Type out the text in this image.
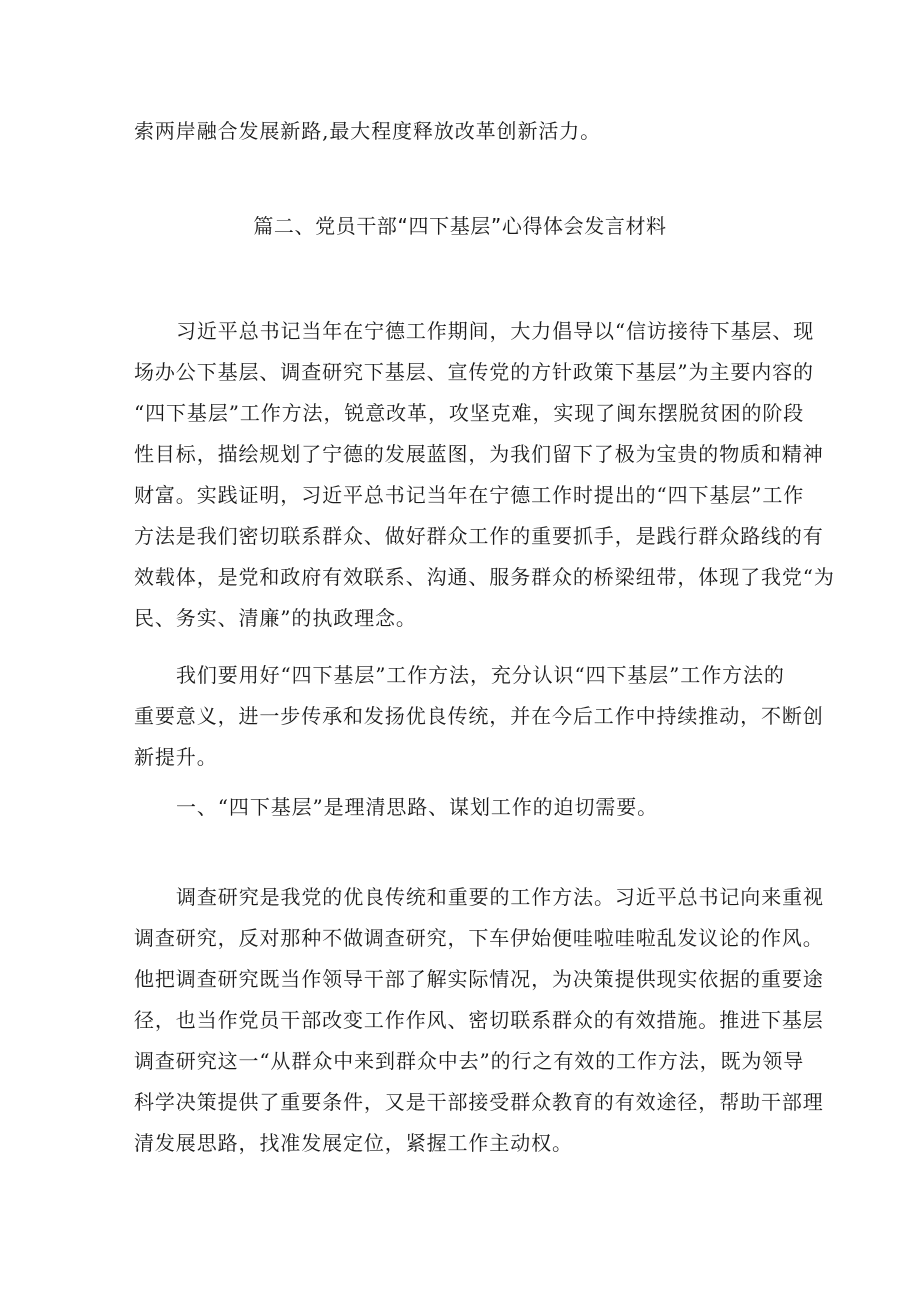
索两岸融合发展新路,最大程度释放改革创新活力。
篇二、党员干部“四下基层”心得体会发言材料
习近平总书记当年在宁德工作期间，大力倡导以“信访接待下基层、现
场办公下基层、调查研究下基层、宣传党的方针政策下基层”为主要内容的
“四下基层”工作方法，锐意改革，攻坚克难，实现了闽东摆脱贫困的阶段
性目标，描绘规划了宁德的发展蓝图，为我们留下了极为宝贵的物质和精神
财富。实践证明，习近平总书记当年在宁德工作时提出的“四下基层”工作
方法是我们密切联系群众、做好群众工作的重要抓手，是践行群众路线的有
效载体，是党和政府有效联系、沟通、服务群众的桥梁纽带，体现了我党“为
民、务实、清廉”的执政理念。
我们要用好“四下基层”工作方法，充分认识“四下基层”工作方法的
重要意义，进一步传承和发扬优良传统，并在今后工作中持续推动，不断创
新提升。
一、“四下基层”是理清思路、谋划工作的迫切需要。
调查研究是我党的优良传统和重要的工作方法。习近平总书记向来重视
调查研究，反对那种不做调查研究，下车伊始便哇啦哇啦乱发议论的作风。
他把调查研究既当作领导干部了解实际情况，为决策提供现实依据的重要途
径，也当作党员干部改变工作作风、密切联系群众的有效措施。推进下基层
调查研究这一“从群众中来到群众中去”的行之有效的工作方法，既为领导
科学决策提供了重要条件，又是干部接受群众教育的有效途径，帮助干部理
清发展思路，找准发展定位，紧握工作主动权。
